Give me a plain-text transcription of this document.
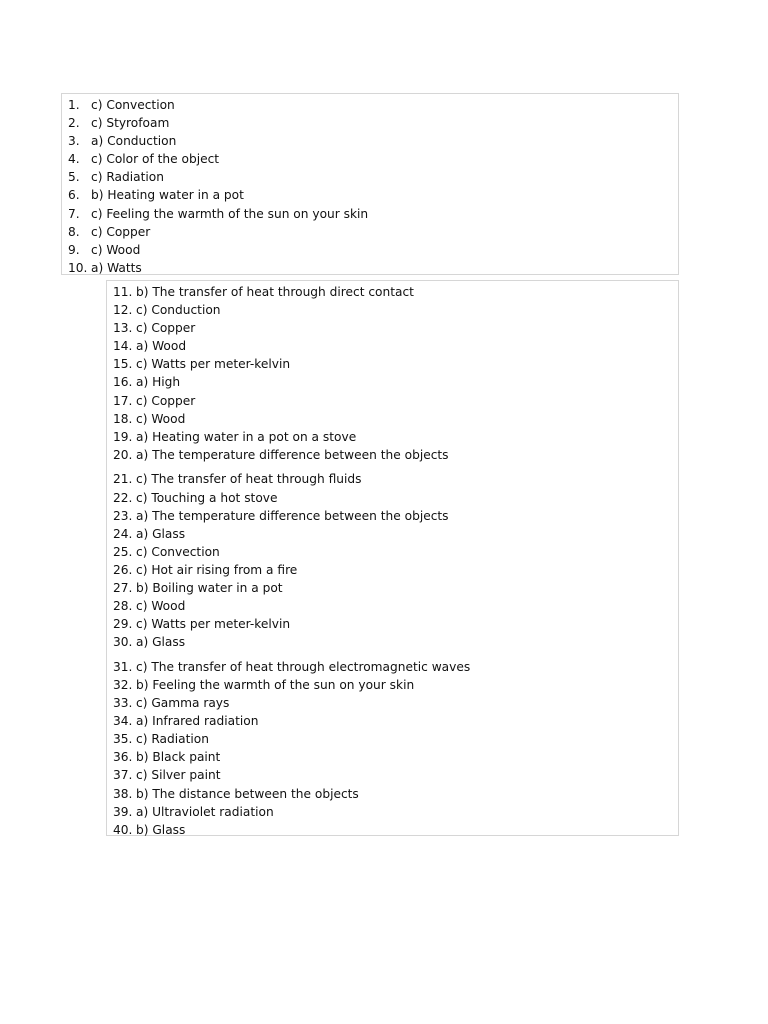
1. c) Convection
2. c) Styrofoam
3. a) Conduction
4. c) Color of the object
5. c) Radiation
6. b) Heating water in a pot
7. c) Feeling the warmth of the sun on your skin
8. c) Copper
9. c) Wood
10. a) Watts
11. b) The transfer of heat through direct contact
12. c) Conduction
13. c) Copper
14. a) Wood
15. c) Watts per meter-kelvin
16. a) High
17. c) Copper
18. c) Wood
19. a) Heating water in a pot on a stove
20. a) The temperature difference between the objects
21. c) The transfer of heat through fluids
22. c) Touching a hot stove
23. a) The temperature difference between the objects
24. a) Glass
25. c) Convection
26. c) Hot air rising from a fire
27. b) Boiling water in a pot
28. c) Wood
29. c) Watts per meter-kelvin
30. a) Glass
31. c) The transfer of heat through electromagnetic waves
32. b) Feeling the warmth of the sun on your skin
33. c) Gamma rays
34. a) Infrared radiation
35. c) Radiation
36. b) Black paint
37. c) Silver paint
38. b) The distance between the objects
39. a) Ultraviolet radiation
40. b) Glass
